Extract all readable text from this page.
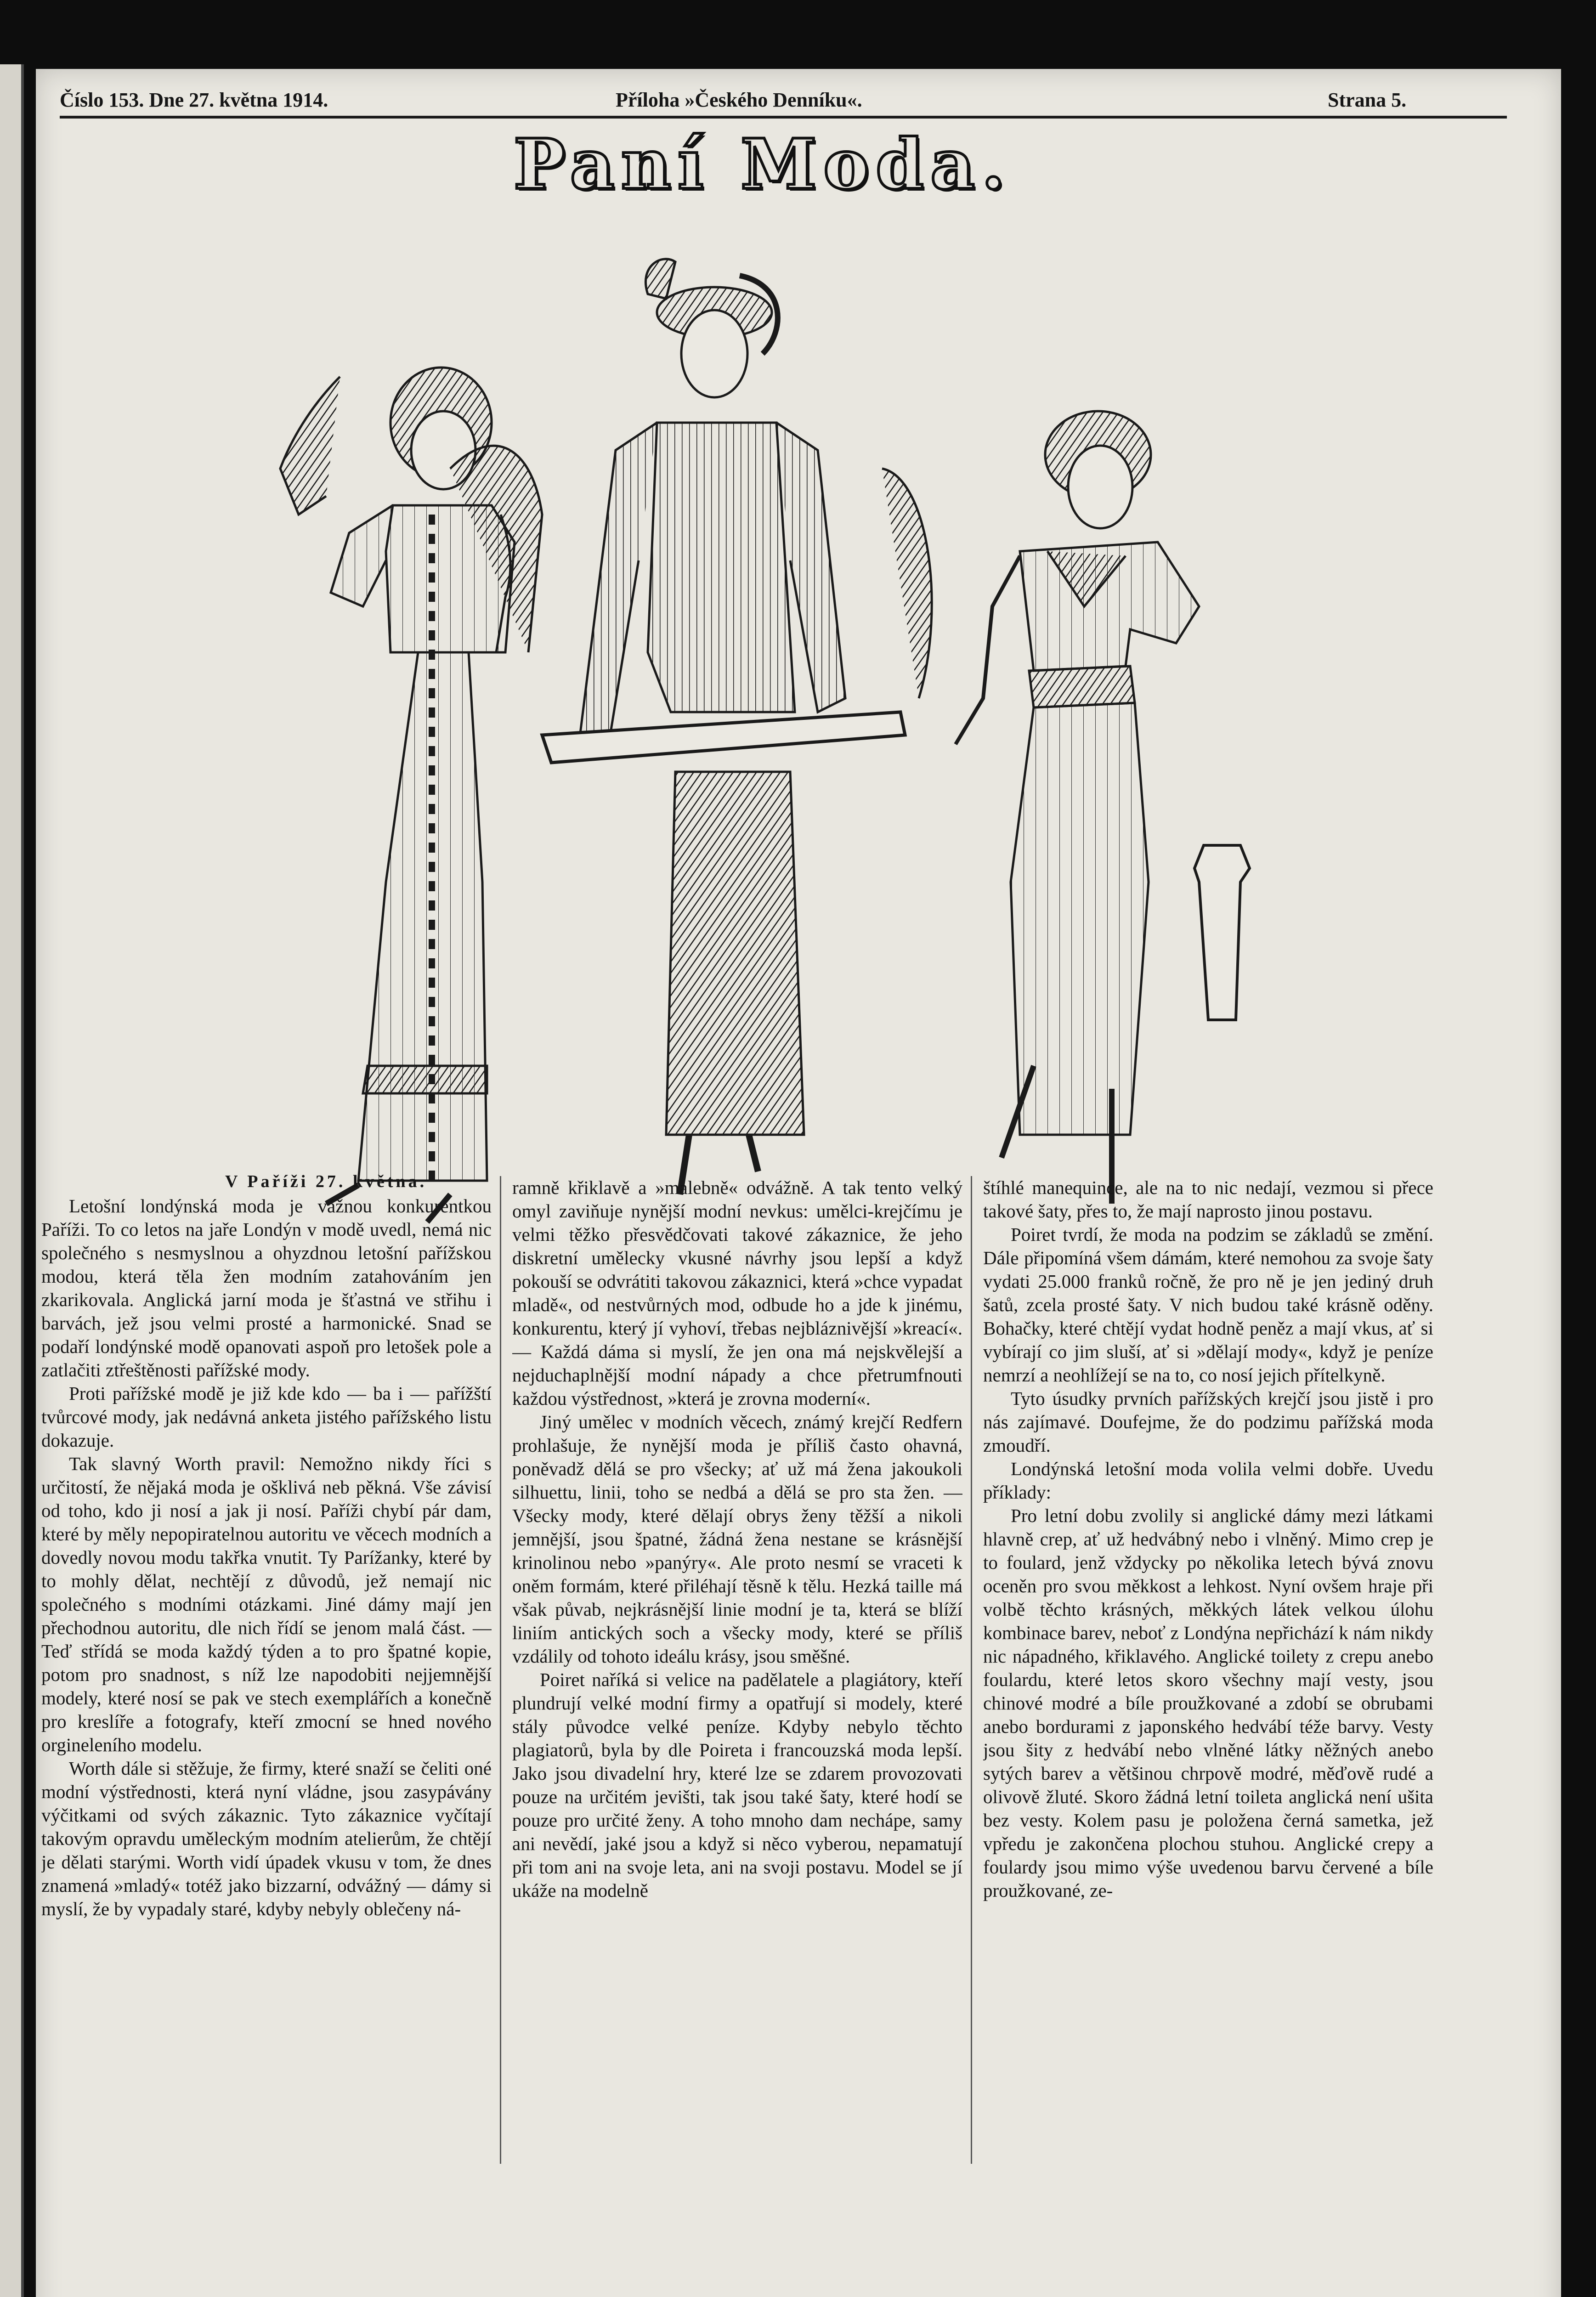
Číslo 153. Dne 27. května 1914.	Příloha »Českého Denníku«.	Strana 5.
Paní Moda.
V Paříži 27. května.

Letošní londýnská moda je vážnou konkurentkou Paříži. To co letos na jaře Londýn v modě uvedl, nemá nic společného s nesmyslnou a ohyzdnou letošní pařížskou modou, která těla žen modním zatahováním jen zkarikovala. Anglická jarní moda je šťastná ve střihu i barvách, jež jsou velmi prosté a harmonické. Snad se podaří londýnské modě opanovati aspoň pro letošek pole a zatlačiti ztřeštěnosti pařížské mody.

Proti pařížské modě je již kde kdo — ba i — pařížští tvůrcové mody, jak nedávná anketa jistého pařížského listu dokazuje.

Tak slavný Worth pravil: Nemožno nikdy říci s určitostí, že nějaká moda je ošklivá neb pěkná. Vše závisí od toho, kdo ji nosí a jak ji nosí. Paříži chybí pár dam, které by měly nepopiratelnou autoritu ve věcech modních a dovedly novou modu takřka vnutit. Ty Parížanky, které by to mohly dělat, nechtějí z důvodů, jež nemají nic společného s modními otázkami. Jiné dámy mají jen přechodnou autoritu, dle nich řídí se jenom malá část. — Teď střídá se moda každý týden a to pro špatné kopie, potom pro snadnost, s níž lze napodobiti nejjemnější modely, které nosí se pak ve stech exemplářích a konečně pro kreslíře a fotografy, kteří zmocní se hned nového orgineleního modelu.

Worth dále si stěžuje, že firmy, které snaží se čeliti oné modní výstřednosti, která nyní vládne, jsou zasypávány výčitkami od svých zákaznic. Tyto zákaznice vyčítají takovým opravdu uměleckým modním atelierům, že chtějí je dělati starými. Worth vidí úpadek vkusu v tom, že dnes znamená »mladý« totéž jako bizzarní, odvážný — dámy si myslí, že by vypadaly staré, kdyby nebyly oblečeny ná-

ramně křiklavě a »malebně« odvážně. A tak tento velký omyl zaviňuje nynější modní nevkus: umělci-krejčímu je velmi těžko přesvědčovati takové zákaznice, že jeho diskretní umělecky vkusné návrhy jsou lepší a když pokouší se odvrátiti takovou zákaznici, která »chce vypadat mladě«, od nestvůrných mod, odbude ho a jde k jinému, konkurentu, který jí vyhoví, třebas nejbláznivější »kreací«. — Každá dáma si myslí, že jen ona má nejskvělejší a nejduchaplnější modní nápady a chce přetrumfnouti každou výstřednost, »která je zrovna moderní«.

Jiný umělec v modních věcech, známý krejčí Redfern prohlašuje, že nynější moda je příliš často ohavná, poněvadž dělá se pro všecky; ať už má žena jakoukoli silhuettu, linii, toho se nedbá a dělá se pro sta žen. — Všecky mody, které dělají obrys ženy těžší a nikoli jemnější, jsou špatné, žádná žena nestane se krásnější krinolinou nebo »panýry«. Ale proto nesmí se vraceti k oněm formám, které přiléhají těsně k tělu. Hezká taille má však půvab, nejkrásnější linie modní je ta, která se blíží liniím antických soch a všecky mody, které se příliš vzdálily od tohoto ideálu krásy, jsou směšné.

Poiret naříká si velice na padělatele a plagiátory, kteří plundrují velké modní firmy a opatřují si modely, které stály původce velké peníze. Kdyby nebylo těchto plagiatorů, byla by dle Poireta i francouzská moda lepší. Jako jsou divadelní hry, které lze se zdarem provozovati pouze na určitém jevišti, tak jsou také šaty, které hodí se pouze pro určité ženy. A toho mnoho dam nechápe, samy ani nevědí, jaké jsou a když si něco vyberou, nepamatují při tom ani na svoje leta, ani na svoji postavu. Model se jí ukáže na modelně

štíhlé manequince, ale na to nic nedají, vezmou si přece takové šaty, přes to, že mají naprosto jinou postavu.

Poiret tvrdí, že moda na podzim se základů se změní. Dále připomíná všem dámám, které nemohou za svoje šaty vydati 25.000 franků ročně, že pro ně je jen jediný druh šatů, zcela prosté šaty. V nich budou také krásně oděny. Bohačky, které chtějí vydat hodně peněz a mají vkus, ať si vybírají co jim sluší, ať si »dělají mody«, když je peníze nemrzí a neohlížejí se na to, co nosí jejich přítelkyně.

Tyto úsudky prvních pařížských krejčí jsou jistě i pro nás zajímavé. Doufejme, že do podzimu pařížská moda zmoudří.

Londýnská letošní moda volila velmi dobře. Uvedu příklady:

Pro letní dobu zvolily si anglické dámy mezi látkami hlavně crep, ať už hedvábný nebo i vlněný. Mimo crep je to foulard, jenž vždycky po několika letech bývá znovu oceněn pro svou měkkost a lehkost. Nyní ovšem hraje při volbě těchto krásných, měkkých látek velkou úlohu kombinace barev, neboť z Londýna nepřichází k nám nikdy nic nápadného, křiklavého. Anglické toilety z crepu anebo foulardu, které letos skoro všechny mají vesty, jsou chinové modré a bíle proužkované a zdobí se obrubami anebo bordurami z japonského hedvábí téže barvy. Vesty jsou šity z hedvábí nebo vlněné látky něžných anebo sytých barev a většinou chrpově modré, měďově rudé a olivově žluté. Skoro žádná letní toileta anglická není ušita bez vesty. Kolem pasu je položena černá sametka, jež vpředu je zakončena plochou stuhou. Anglické crepy a foulardy jsou mimo výše uvedenou barvu červené a bíle proužkované, ze-
